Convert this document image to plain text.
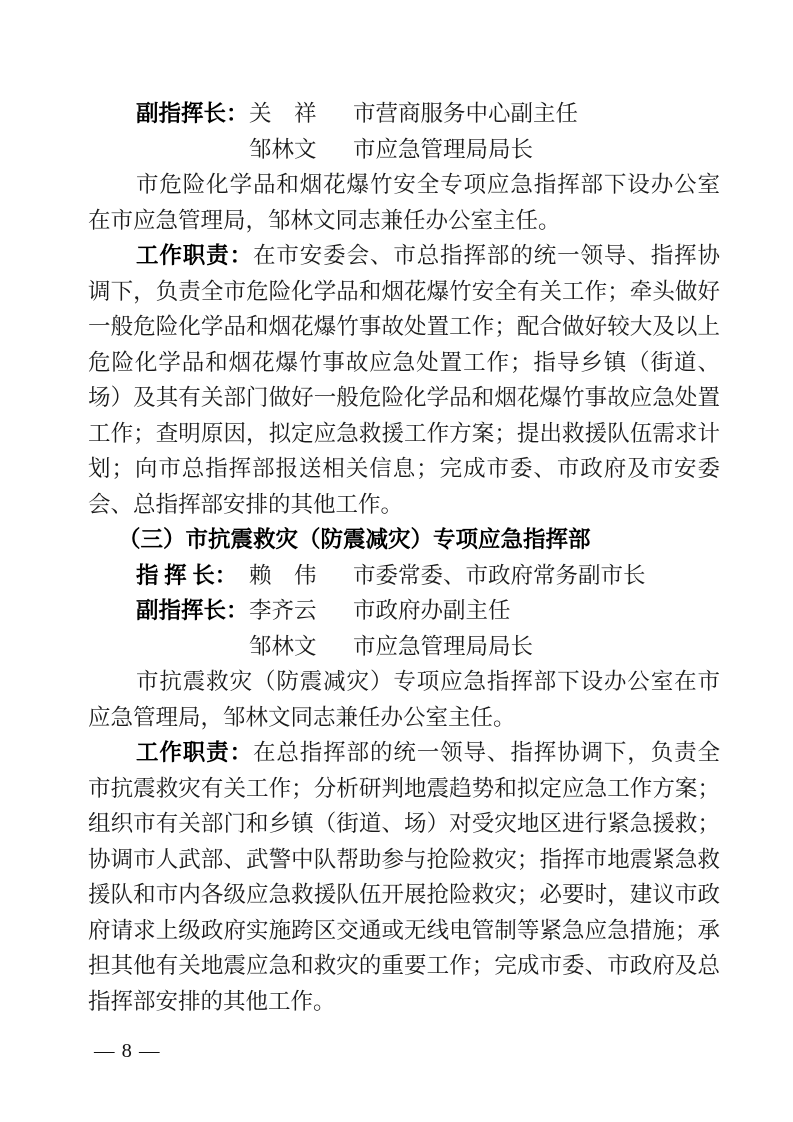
副指挥长：关　祥 市营商服务中心副主任
邹林文 市应急管理局局长

市危险化学品和烟花爆竹安全专项应急指挥部下设办公室在市应急管理局，邹林文同志兼任办公室主任。

工作职责：在市安委会、市总指挥部的统一领导、指挥协调下，负责全市危险化学品和烟花爆竹安全有关工作；牵头做好一般危险化学品和烟花爆竹事故处置工作；配合做好较大及以上危险化学品和烟花爆竹事故应急处置工作；指导乡镇（街道、场）及其有关部门做好一般危险化学品和烟花爆竹事故应急处置工作；查明原因，拟定应急救援工作方案；提出救援队伍需求计划；向市总指挥部报送相关信息；完成市委、市政府及市安委会、总指挥部安排的其他工作。

（三）市抗震救灾（防震减灾）专项应急指挥部
指 挥 长： 赖　伟 市委常委、市政府常务副市长
副指挥长：李齐云 市政府办副主任
邹林文 市应急管理局局长

市抗震救灾（防震减灾）专项应急指挥部下设办公室在市应急管理局，邹林文同志兼任办公室主任。

工作职责：在总指挥部的统一领导、指挥协调下，负责全市抗震救灾有关工作；分析研判地震趋势和拟定应急工作方案；组织市有关部门和乡镇（街道、场）对受灾地区进行紧急援救；协调市人武部、武警中队帮助参与抢险救灾；指挥市地震紧急救援队和市内各级应急救援队伍开展抢险救灾；必要时，建议市政府请求上级政府实施跨区交通或无线电管制等紧急应急措施；承担其他有关地震应急和救灾的重要工作；完成市委、市政府及总指挥部安排的其他工作。

— 8 —
